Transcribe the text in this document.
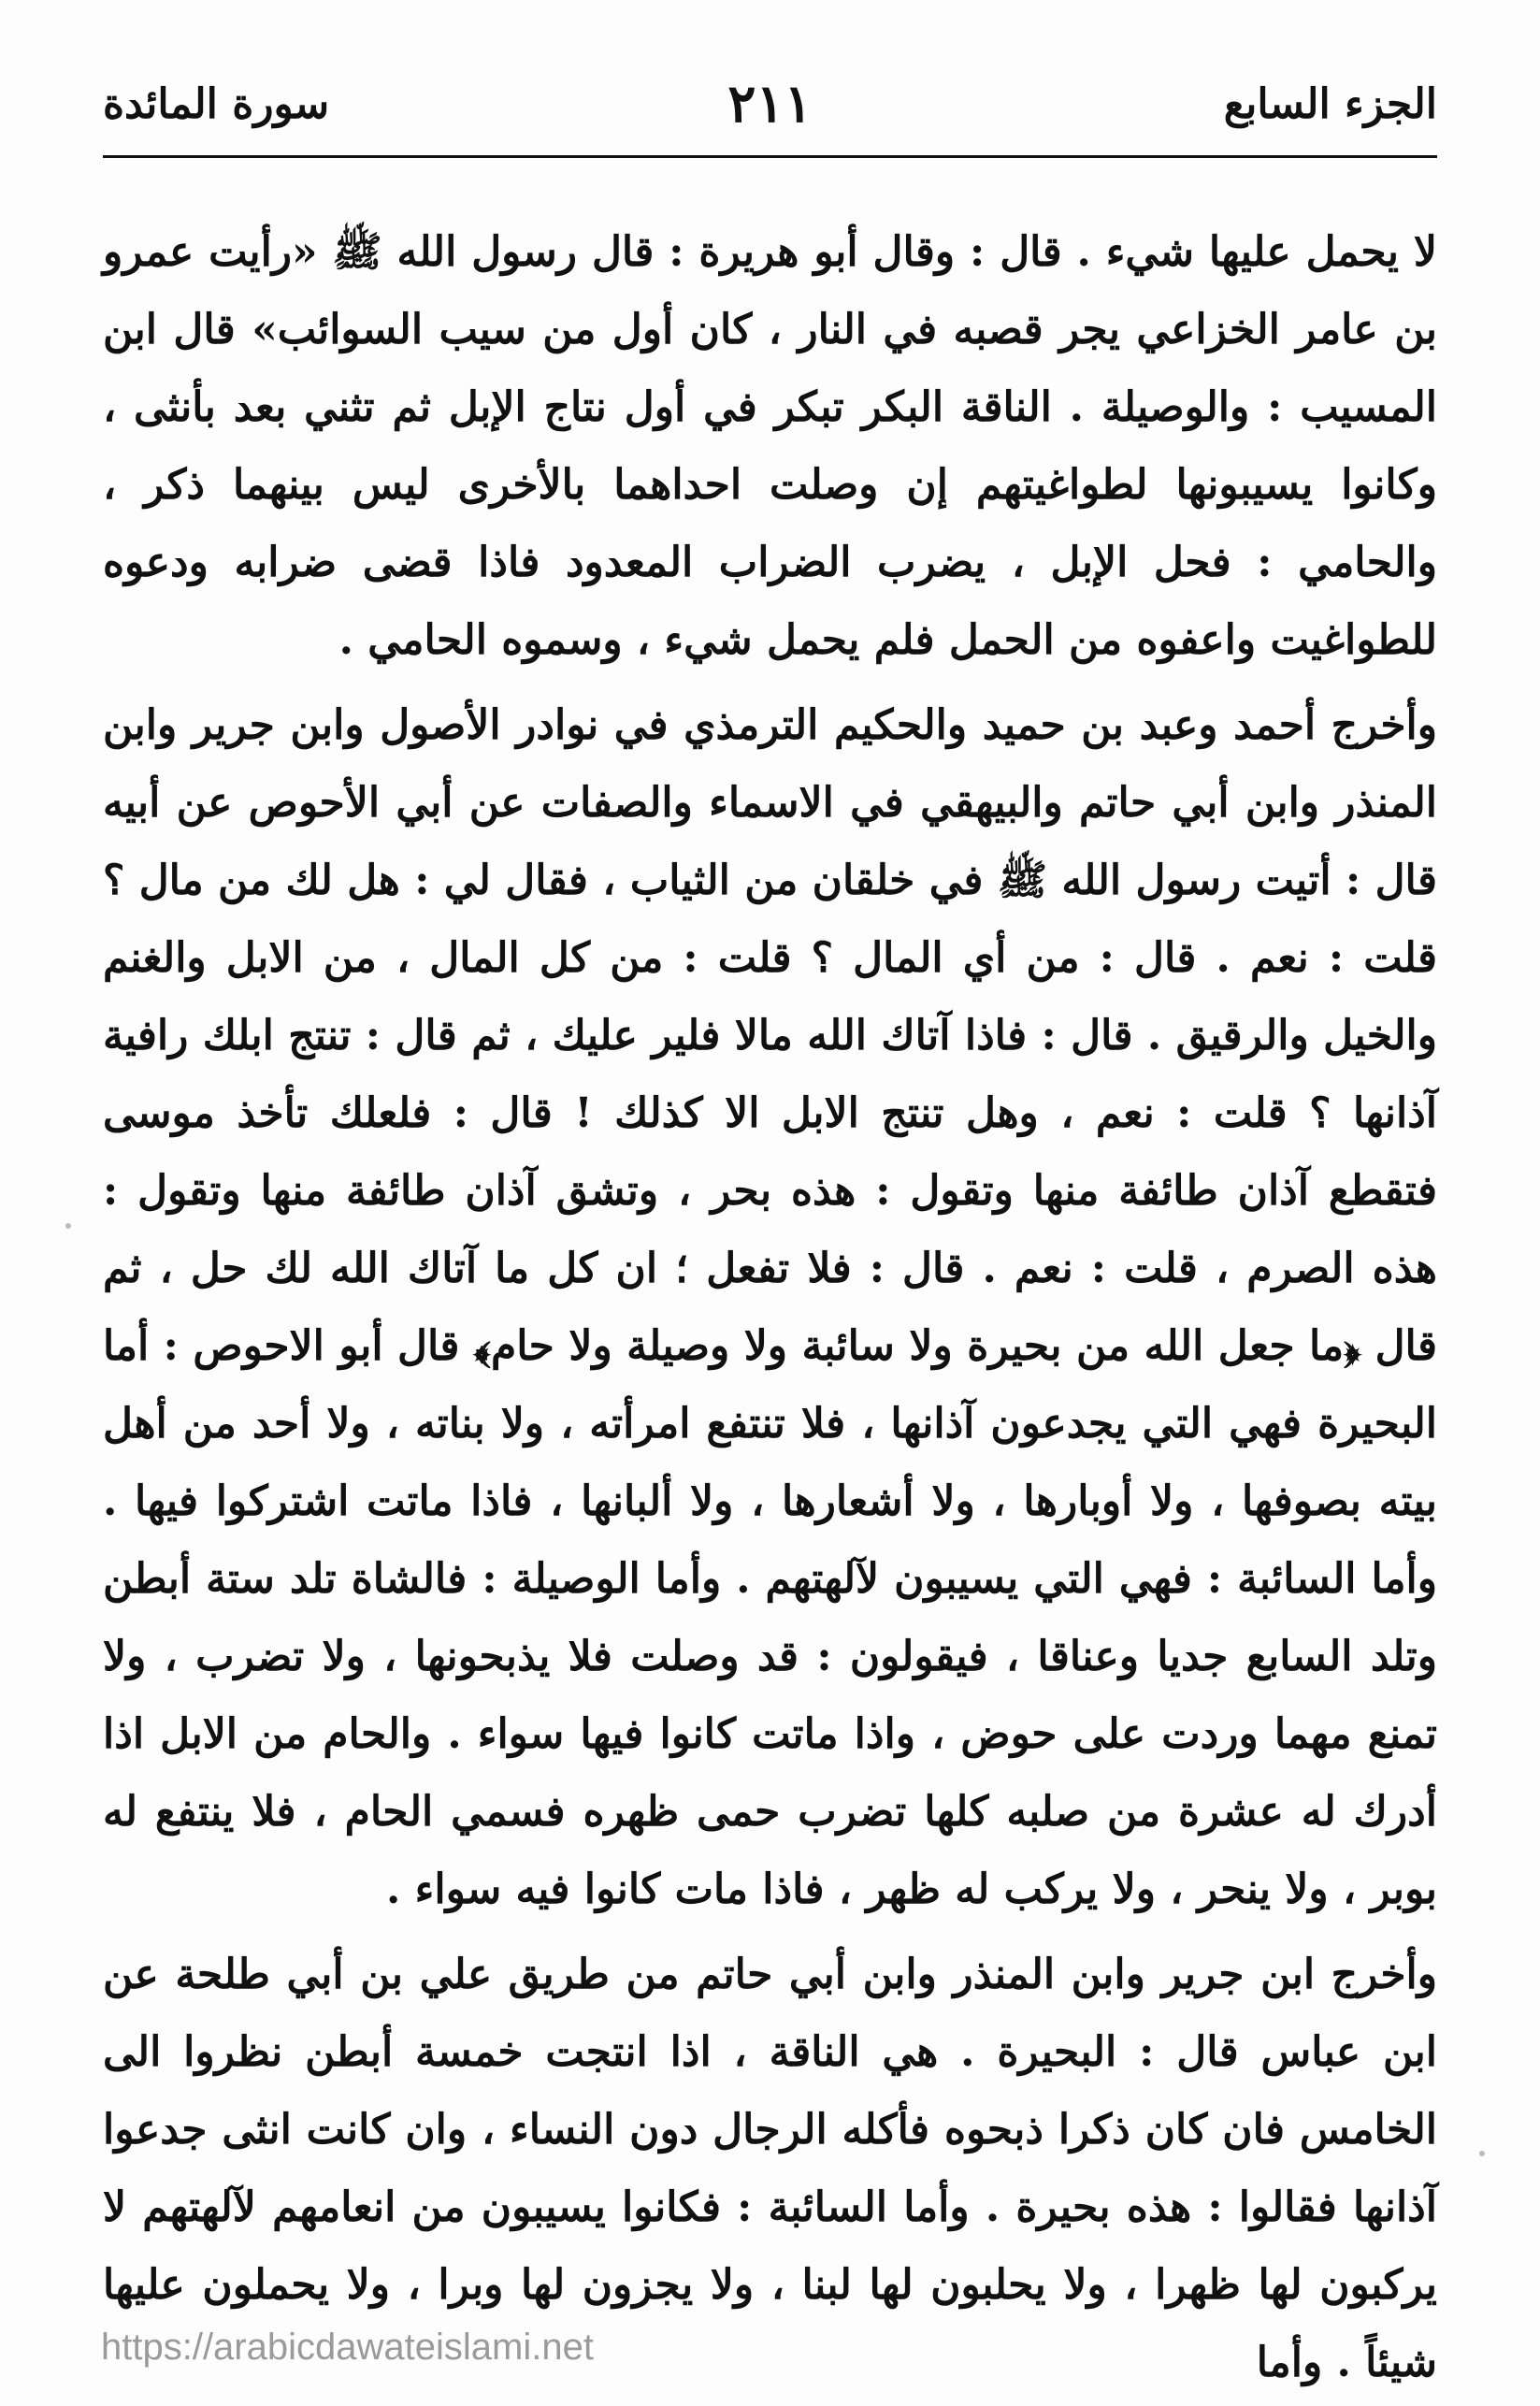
الجزء السابع
٢١١
سورة المائدة

لا يحمل عليها شيء . قال : وقال أبو هريرة : قال رسول الله ﷺ «رأيت عمرو بن عامر الخزاعي يجر قصبه في النار ، كان أول من سيب السوائب» قال ابن المسيب : والوصيلة . الناقة البكر تبكر في أول نتاج الإبل ثم تثني بعد بأنثى ، وكانوا يسيبونها لطواغيتهم إن وصلت احداهما بالأخرى ليس بينهما ذكر ، والحامي : فحل الإبل ، يضرب الضراب المعدود فاذا قضى ضرابه ودعوه للطواغيت واعفوه من الحمل فلم يحمل شيء ، وسموه الحامي .

وأخرج أحمد وعبد بن حميد والحكيم الترمذي في نوادر الأصول وابن جرير وابن المنذر وابن أبي حاتم والبيهقي في الاسماء والصفات عن أبي الأحوص عن أبيه قال : أتيت رسول الله ﷺ في خلقان من الثياب ، فقال لي : هل لك من مال ؟ قلت : نعم . قال : من أي المال ؟ قلت : من كل المال ، من الابل والغنم والخيل والرقيق . قال : فاذا آتاك الله مالا فلير عليك ، ثم قال : تنتج ابلك رافية آذانها ؟ قلت : نعم ، وهل تنتج الابل الا كذلك ! قال : فلعلك تأخذ موسى فتقطع آذان طائفة منها وتقول : هذه بحر ، وتشق آذان طائفة منها وتقول : هذه الصرم ، قلت : نعم . قال : فلا تفعل ؛ ان كل ما آتاك الله لك حل ، ثم قال ﴿ما جعل الله من بحيرة ولا سائبة ولا وصيلة ولا حام﴾ قال أبو الاحوص : أما البحيرة فهي التي يجدعون آذانها ، فلا تنتفع امرأته ، ولا بناته ، ولا أحد من أهل بيته بصوفها ، ولا أوبارها ، ولا أشعارها ، ولا ألبانها ، فاذا ماتت اشتركوا فيها . وأما السائبة : فهي التي يسيبون لآلهتهم . وأما الوصيلة : فالشاة تلد ستة أبطن وتلد السابع جديا وعناقا ، فيقولون : قد وصلت فلا يذبحونها ، ولا تضرب ، ولا تمنع مهما وردت على حوض ، واذا ماتت كانوا فيها سواء . والحام من الابل اذا أدرك له عشرة من صلبه كلها تضرب حمى ظهره فسمي الحام ، فلا ينتفع له بوبر ، ولا ينحر ، ولا يركب له ظهر ، فاذا مات كانوا فيه سواء .

وأخرج ابن جرير وابن المنذر وابن أبي حاتم من طريق علي بن أبي طلحة عن ابن عباس قال : البحيرة . هي الناقة ، اذا انتجت خمسة أبطن نظروا الى الخامس فان كان ذكرا ذبحوه فأكله الرجال دون النساء ، وان كانت انثى جدعوا آذانها فقالوا : هذه بحيرة . وأما السائبة : فكانوا يسيبون من انعامهم لآلهتهم لا يركبون لها ظهرا ، ولا يحلبون لها لبنا ، ولا يجزون لها وبرا ، ولا يحملون عليها شيئاً . وأما

https://arabicdawateislami.net
